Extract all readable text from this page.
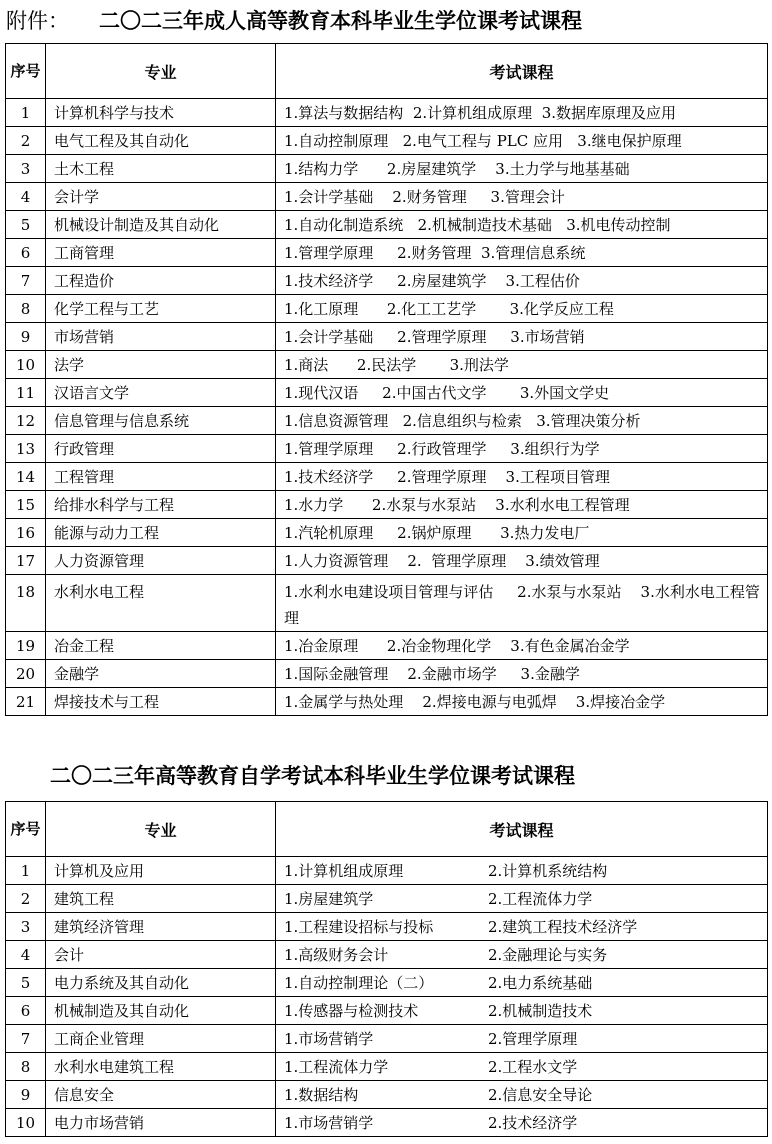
附件： 二〇二三年成人高等教育本科毕业生学位课考试课程
序号	专业	考试课程
1	计算机科学与技术	1.算法与数据结构  2.计算机组成原理  3.数据库原理及应用
2	电气工程及其自动化	1.自动控制原理   2.电气工程与 PLC 应用   3.继电保护原理
3	土木工程	1.结构力学      2.房屋建筑学    3.土力学与地基基础
4	会计学	1.会计学基础    2.财务管理     3.管理会计
5	机械设计制造及其自动化	1.自动化制造系统   2.机械制造技术基础   3.机电传动控制
6	工商管理	1.管理学原理     2.财务管理  3.管理信息系统
7	工程造价	1.技术经济学     2.房屋建筑学    3.工程估价
8	化学工程与工艺	1.化工原理      2.化工工艺学       3.化学反应工程
9	市场营销	1.会计学基础     2.管理学原理     3.市场营销
10	法学	1.商法      2.民法学       3.刑法学
11	汉语言文学	1.现代汉语     2.中国古代文学       3.外国文学史
12	信息管理与信息系统	1.信息资源管理   2.信息组织与检索   3.管理决策分析
13	行政管理	1.管理学原理     2.行政管理学     3.组织行为学
14	工程管理	1.技术经济学     2.管理学原理    3.工程项目管理
15	给排水科学与工程	1.水力学      2.水泵与水泵站    3.水利水电工程管理
16	能源与动力工程	1.汽轮机原理     2.锅炉原理      3.热力发电厂
17	人力资源管理	1.人力资源管理    2.  管理学原理    3.绩效管理
18	水利水电工程	1.水利水电建设项目管理与评估     2.水泵与水泵站    3.水利水电工程管理
19	冶金工程	1.冶金原理      2.冶金物理化学    3.有色金属冶金学
20	金融学	1.国际金融管理    2.金融市场学     3.金融学
21	焊接技术与工程	1.金属学与热处理    2.焊接电源与电弧焊    3.焊接冶金学
二〇二三年高等教育自学考试本科毕业生学位课考试课程
序号	专业	考试课程
1	计算机及应用	1.计算机组成原理 2.计算机系统结构
2	建筑工程	1.房屋建筑学 2.工程流体力学
3	建筑经济管理	1.工程建设招标与投标 2.建筑工程技术经济学
4	会计	1.高级财务会计 2.金融理论与实务
5	电力系统及其自动化	1.自动控制理论（二） 2.电力系统基础
6	机械制造及其自动化	1.传感器与检测技术 2.机械制造技术
7	工商企业管理	1.市场营销学 2.管理学原理
8	水利水电建筑工程	1.工程流体力学 2.工程水文学
9	信息安全	1.数据结构 2.信息安全导论
10	电力市场营销	1.市场营销学 2.技术经济学
